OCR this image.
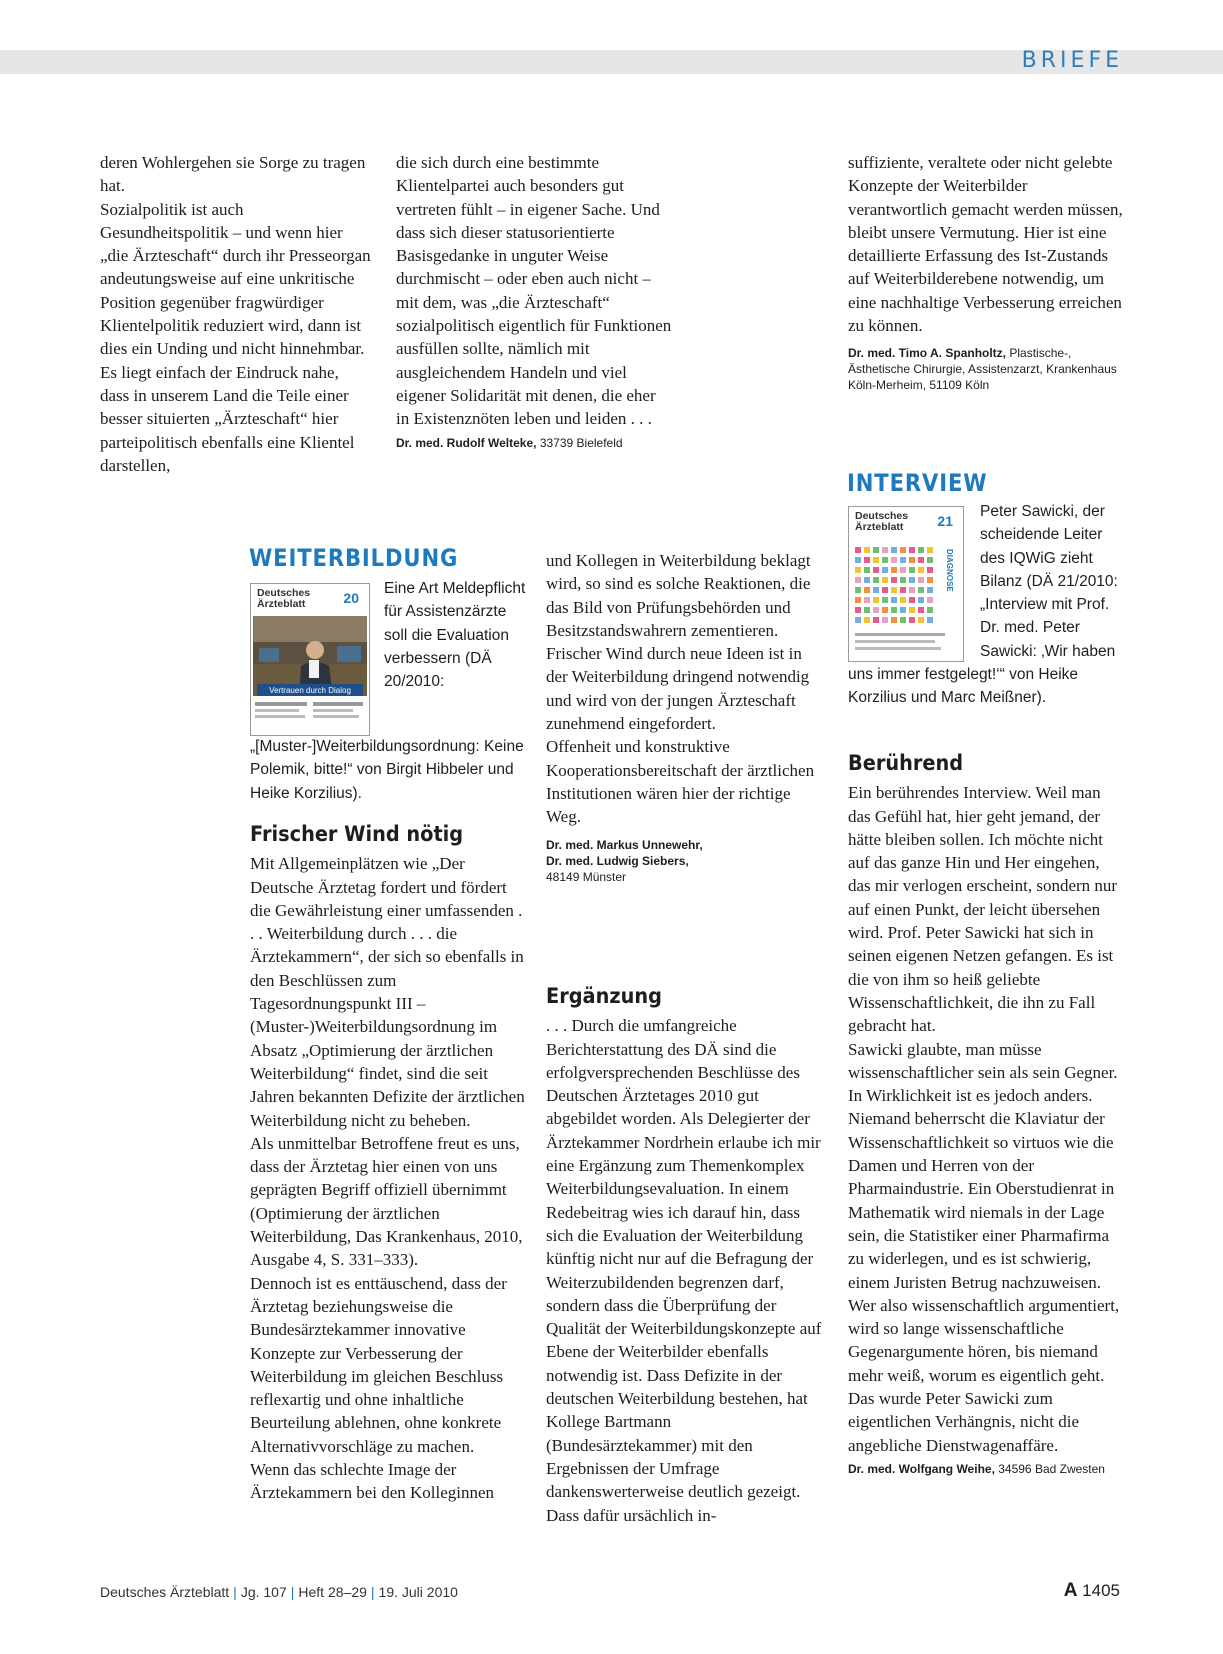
BRIEFE

deren Wohlergehen sie Sorge zu tragen hat.

Sozialpolitik ist auch Gesundheitspolitik – und wenn hier „die Ärzteschaft“ durch ihr Presseorgan andeutungsweise auf eine unkritische Position gegenüber fragwürdiger Klientelpolitik reduziert wird, dann ist dies ein Unding und nicht hinnehmbar. Es liegt einfach der Eindruck nahe, dass in unserem Land die Teile einer besser situierten „Ärzteschaft“ hier parteipolitisch ebenfalls eine Klientel darstellen,

die sich durch eine bestimmte Klientelpartei auch besonders gut vertreten fühlt – in eigener Sache. Und dass sich dieser statusorientierte Basisgedanke in unguter Weise durchmischt – oder eben auch nicht – mit dem, was „die Ärzteschaft“ sozialpolitisch eigentlich für Funktionen ausfüllen sollte, nämlich mit ausgleichendem Handeln und viel eigener Solidarität mit denen, die eher in Existenznöten leben und leiden . . .

Dr. med. Rudolf Welteke, 33739 Bielefeld

suffiziente, veraltete oder nicht gelebte Konzepte der Weiterbilder verantwortlich gemacht werden müssen, bleibt unsere Vermutung. Hier ist eine detaillierte Erfassung des Ist-Zustands auf Weiterbilderebene notwendig, um eine nachhaltige Verbesserung erreichen zu können.

Dr. med. Timo A. Spanholtz, Plastische-, Ästhetische Chirurgie, Assistenzarzt, Krankenhaus Köln-Merheim, 51109 Köln
WEITERBILDUNG
Deutsches
Ärzteblatt	20
Vertrauen durch Dialog
Eine Art Meldepflicht für Assistenzärzte soll die Evaluation verbessern (DÄ 20/2010: „[Muster-]Weiterbildungsordnung: Keine Polemik, bitte!“ von Birgit Hibbeler und Heike Korzilius).
Frischer Wind nötig

Mit Allgemeinplätzen wie „Der Deutsche Ärztetag fordert und fördert die Gewährleistung einer umfassenden . . . Weiterbildung durch . . . die Ärztekammern“, der sich so ebenfalls in den Beschlüssen zum Tagesordnungspunkt III – (Muster-)Weiterbildungsordnung im Absatz „Optimierung der ärztlichen Weiterbildung“ findet, sind die seit Jahren bekannten Defizite der ärztlichen Weiterbildung nicht zu beheben.

Als unmittelbar Betroffene freut es uns, dass der Ärztetag hier einen von uns geprägten Begriff offiziell übernimmt (Optimierung der ärztlichen Weiterbildung, Das Krankenhaus, 2010, Ausgabe 4, S. 331–333).

Dennoch ist es enttäuschend, dass der Ärztetag beziehungsweise die Bundesärztekammer innovative Konzepte zur Verbesserung der Weiterbildung im gleichen Beschluss reflexartig und ohne inhaltliche Beurteilung ablehnen, ohne konkrete Alternativvorschläge zu machen.

Wenn das schlechte Image der Ärztekammern bei den Kolleginnen

und Kollegen in Weiterbildung beklagt wird, so sind es solche Reaktionen, die das Bild von Prüfungsbehörden und Besitzstandswahrern zementieren.

Frischer Wind durch neue Ideen ist in der Weiterbildung dringend notwendig und wird von der jungen Ärzteschaft zunehmend eingefordert.

Offenheit und konstruktive Kooperationsbereitschaft der ärztlichen Institutionen wären hier der richtige Weg.

Dr. med. Markus Unnewehr,
Dr. med. Ludwig Siebers,
48149 Münster
Ergänzung

. . . Durch die umfangreiche Berichterstattung des DÄ sind die erfolgversprechenden Beschlüsse des Deutschen Ärztetages 2010 gut abgebildet worden. Als Delegierter der Ärztekammer Nordrhein erlaube ich mir eine Ergänzung zum Themenkomplex Weiterbildungsevaluation. In einem Redebeitrag wies ich darauf hin, dass sich die Evaluation der Weiterbildung künftig nicht nur auf die Befragung der Weiterzubildenden begrenzen darf, sondern dass die Überprüfung der Qualität der Weiterbildungskonzepte auf Ebene der Weiterbilder ebenfalls notwendig ist. Dass Defizite in der deutschen Weiterbildung bestehen, hat Kollege Bartmann (Bundesärztekammer) mit den Ergebnissen der Umfrage dankenswerterweise deutlich gezeigt. Dass dafür ursächlich in-

INTERVIEW
Deutsches
Ärzteblatt	21
DIAGNOSE
Peter Sawicki, der scheidende Leiter des IQWiG zieht Bilanz (DÄ 21/2010: „Interview mit Prof. Dr. med. Peter Sawicki: ‚Wir haben uns immer festgelegt!‘“ von Heike Korzilius und Marc Meißner).
Berührend

Ein berührendes Interview. Weil man das Gefühl hat, hier geht jemand, der hätte bleiben sollen. Ich möchte nicht auf das ganze Hin und Her eingehen, das mir verlogen erscheint, sondern nur auf einen Punkt, der leicht übersehen wird. Prof. Peter Sawicki hat sich in seinen eigenen Netzen gefangen. Es ist die von ihm so heiß geliebte Wissenschaftlichkeit, die ihn zu Fall gebracht hat.

Sawicki glaubte, man müsse wissenschaftlicher sein als sein Gegner. In Wirklichkeit ist es jedoch anders. Niemand beherrscht die Klaviatur der Wissenschaftlichkeit so virtuos wie die Damen und Herren von der Pharmaindustrie. Ein Oberstudienrat in Mathematik wird niemals in der Lage sein, die Statistiker einer Pharmafirma zu widerlegen, und es ist schwierig, einem Juristen Betrug nachzuweisen. Wer also wissenschaftlich argumentiert, wird so lange wissenschaftliche Gegenargumente hören, bis niemand mehr weiß, worum es eigentlich geht. Das wurde Peter Sawicki zum eigentlichen Verhängnis, nicht die angebliche Dienstwagenaffäre.

Dr. med. Wolfgang Weihe, 34596 Bad Zwesten
Deutsches Ärzteblatt | Jg. 107 | Heft 28–29 | 19. Juli 2010	A 1405
